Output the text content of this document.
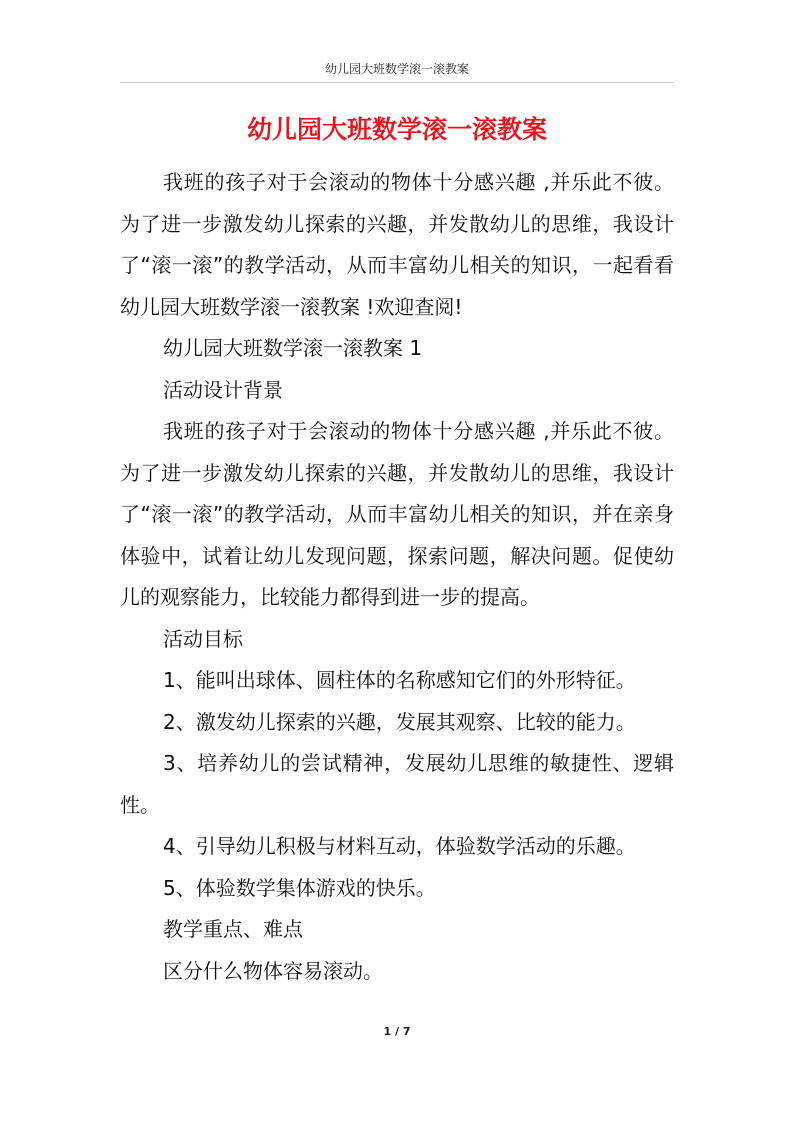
幼儿园大班数学滚一滚教案
幼儿园大班数学滚一滚教案

我班的孩子对于会滚动的物体十分感兴趣 ,并乐此不彼。为了进一步激发幼儿探索的兴趣，并发散幼儿的思维，我设计了“滚一滚”的教学活动，从而丰富幼儿相关的知识，一起看看幼儿园大班数学滚一滚教案 !欢迎查阅!

幼儿园大班数学滚一滚教案 1

活动设计背景

我班的孩子对于会滚动的物体十分感兴趣 ,并乐此不彼。为了进一步激发幼儿探索的兴趣，并发散幼儿的思维，我设计了“滚一滚”的教学活动，从而丰富幼儿相关的知识，并在亲身体验中，试着让幼儿发现问题，探索问题，解决问题。促使幼儿的观察能力，比较能力都得到进一步的提高。

活动目标

1、能叫出球体、圆柱体的名称感知它们的外形特征。

2、激发幼儿探索的兴趣，发展其观察、比较的能力。

3、培养幼儿的尝试精神，发展幼儿思维的敏捷性、逻辑性。

4、引导幼儿积极与材料互动，体验数学活动的乐趣。

5、体验数学集体游戏的快乐。

教学重点、难点

区分什么物体容易滚动。

1 / 7
